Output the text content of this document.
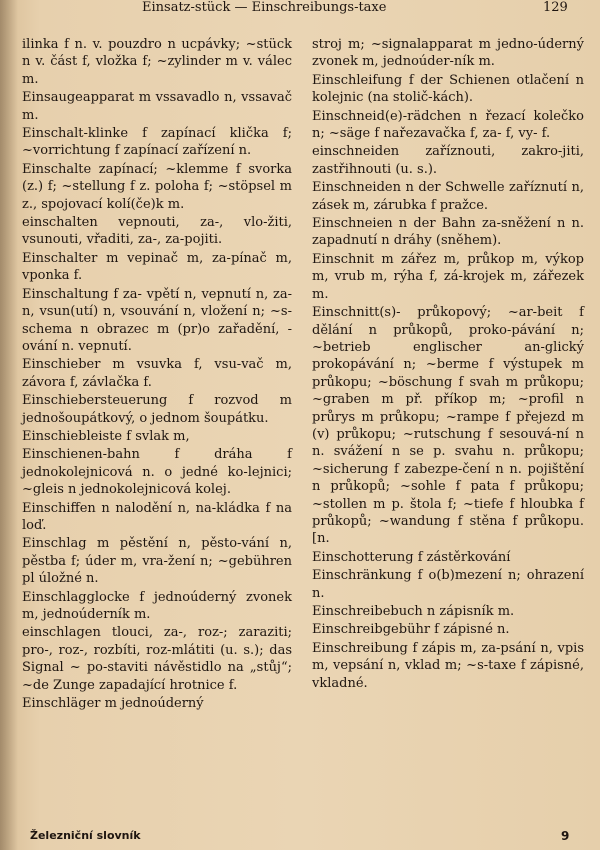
Einsatz-stück — Einschreibungs-taxe	129
ilinka f n. v. pouzdro n ucpávky; ~stück n v. část f, vložka f; ~zylinder m v. válec m.
Einsaugeapparat m vssavadlo n, vssavač m.
Einschalt-klinke f zapínací klička f; ~vorrichtung f zapínací zařízení n.
Einschalte zapínací; ~klemme f svorka (z.) f; ~stellung f z. poloha f; ~stöpsel m z., spojovací kolí(če)k m.
einschalten vepnouti, za-, vlo-žiti, vsunouti, vřaditi, za-, za-pojiti.
Einschalter m vepinač m, za-pínač m, vponka f.
Einschaltung f za- vpětí n, vepnutí n, za- n, vsun(utí) n, vsouvání n, vložení n; ~s-schema n obrazec m (pr)o zařadění, -ování n. vepnutí.
Einschieber m vsuvka f, vsu-vač m, závora f, závlačka f.
Einschiebersteuerung f rozvod m jednošoupátkový, o jednom šoupátku.
Einschiebleiste f svlak m,
Einschienen-bahn f dráha f jednokolejnicová n. o jedné ko-lejnici; ~gleis n jednokolejnicová kolej.
Einschiffen n nalodění n, na-kládka f na loď.
Einschlag m pěstění n, pěsto-vání n, pěstba f; úder m, vra-žení n; ~gebühren pl úložné n.
Einschlagglocke f jednoúderný zvonek m, jednoúderník m.
einschlagen tlouci, za-, roz-; zaraziti; pro-, roz-, rozbíti, roz-mlátiti (u. s.); das Signal ~ po-staviti návěstidlo na „stůj“; ~de Zunge zapadající hrotnice f.
Einschläger m jednoúderný
stroj m; ~signalapparat m jedno-úderný zvonek m, jednoúder-ník m.
Einschleifung f der Schienen otlačení n kolejnic (na stolič-kách).
Einschneid(e)-rädchen n řezací kolečko n; ~säge f nařezavačka f, za- f, vy- f.
einschneiden zaříznouti, zakro-jiti, zastřihnouti (u. s.).
Einschneiden n der Schwelle zaříznutí n, zásek m, zárubka f pražce.
Einschneien n der Bahn za-sněžení n n. zapadnutí n dráhy (sněhem).
Einschnit m zářez m, průkop m, výkop m, vrub m, rýha f, zá-krojek m, zářezek m.
Einschnitt(s)- průkopový; ~ar-beit f dělání n průkopů, proko-pávání n; ~betrieb englischer an-glický prokopávání n; ~berme f výstupek m průkopu; ~böschung f svah m průkopu; ~graben m př. příkop m; ~profil n průrys m průkopu; ~rampe f přejezd m (v) průkopu; ~rutschung f sesouvá-ní n n. svážení n se p. svahu n. průkopu; ~sicherung f zabezpe-čení n n. pojištění n průkopů; ~sohle f pata f průkopu; ~stollen m p. štola f; ~tiefe f hloubka f průkopů; ~wandung f stěna f průkopu. [n.
Einschotterung f zástěrkování
Einschränkung f o(b)mezení n; ohrazení n.
Einschreibebuch n zápisník m.
Einschreibgebühr f zápisné n.
Einschreibung f zápis m, za-psání n, vpis m, vepsání n, vklad m; ~s-taxe f zápisné, vkladné.
Železniční slovník	9
